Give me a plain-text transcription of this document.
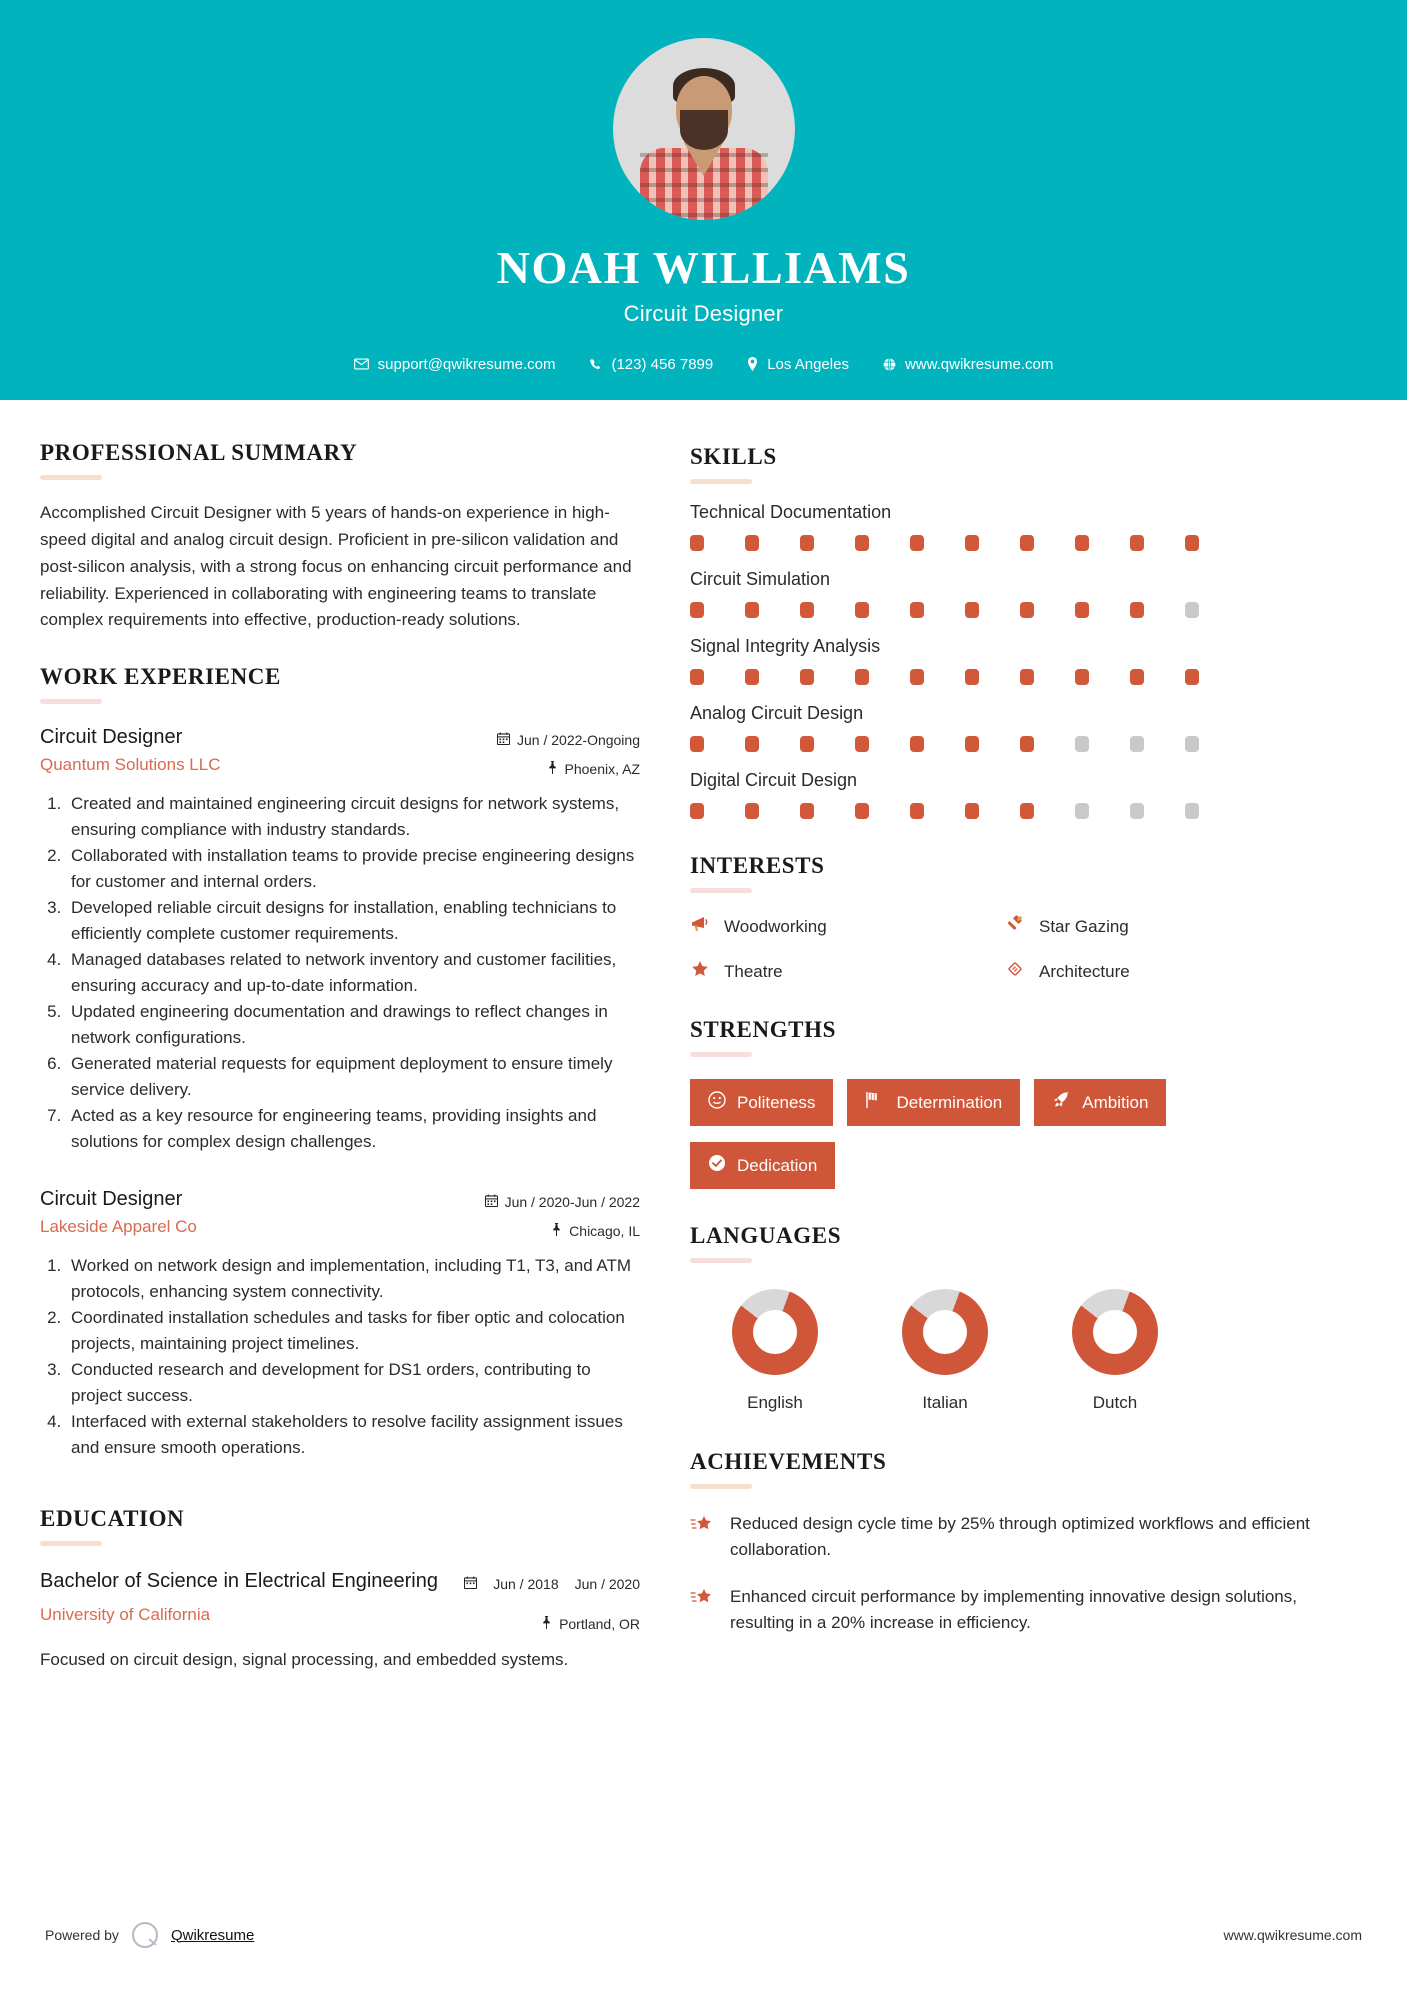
NOAH WILLIAMS
Circuit Designer
support@qwikresume.com	(123) 456 7899	Los Angeles	www.qwikresume.com
PROFESSIONAL SUMMARY

Accomplished Circuit Designer with 5 years of hands-on experience in high-speed digital and analog circuit design. Proficient in pre-silicon validation and post-silicon analysis, with a strong focus on enhancing circuit performance and reliability. Experienced in collaborating with engineering teams to translate complex requirements into effective, production-ready solutions.

WORK EXPERIENCE
Circuit Designer
Quantum Solutions LLC
Jun / 2022-Ongoing
Phoenix, AZ
1. Created and maintained engineering circuit designs for network systems, ensuring compliance with industry standards.
2. Collaborated with installation teams to provide precise engineering designs for customer and internal orders.
3. Developed reliable circuit designs for installation, enabling technicians to efficiently complete customer requirements.
4. Managed databases related to network inventory and customer facilities, ensuring accuracy and up-to-date information.
5. Updated engineering documentation and drawings to reflect changes in network configurations.
6. Generated material requests for equipment deployment to ensure timely service delivery.
7. Acted as a key resource for engineering teams, providing insights and solutions for complex design challenges.
Circuit Designer
Lakeside Apparel Co
Jun / 2020-Jun / 2022
Chicago, IL
1. Worked on network design and implementation, including T1, T3, and ATM protocols, enhancing system connectivity.
2. Coordinated installation schedules and tasks for fiber optic and colocation projects, maintaining project timelines.
3. Conducted research and development for DS1 orders, contributing to project success.
4. Interfaced with external stakeholders to resolve facility assignment issues and ensure smooth operations.
EDUCATION
Bachelor of Science in Electrical Engineering
University of California
Jun / 2018 Jun / 2020
Portland, OR
Focused on circuit design, signal processing, and embedded systems.
SKILLS
Technical Documentation
Circuit Simulation
Signal Integrity Analysis
Analog Circuit Design
Digital Circuit Design
INTERESTS
Woodworking	Star Gazing
Theatre	Architecture
STRENGTHS
Politeness	Determination	Ambition
Dedication
LANGUAGES
English	Italian	Dutch
ACHIEVEMENTS
Reduced design cycle time by 25% through optimized workflows and efficient collaboration.
Enhanced circuit performance by implementing innovative design solutions, resulting in a 20% increase in efficiency.
Powered by	Qwikresume	www.qwikresume.com
